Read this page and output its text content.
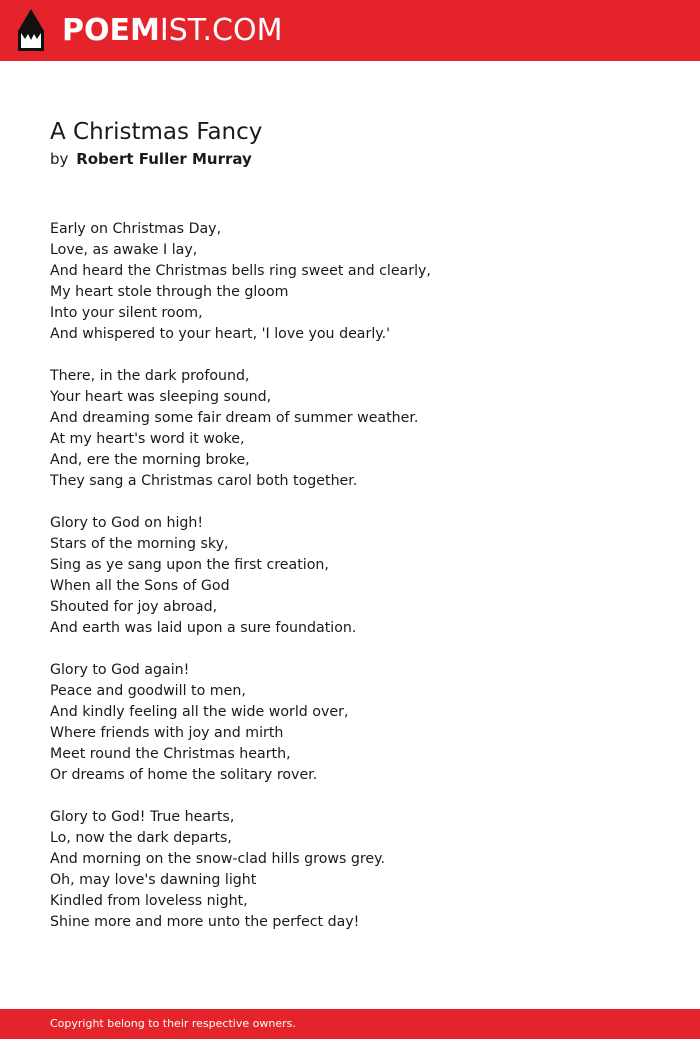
POEMIST.COM
A Christmas Fancy
by Robert Fuller Murray
Early on Christmas Day,
Love, as awake I lay,
And heard the Christmas bells ring sweet and clearly,
My heart stole through the gloom
Into your silent room,
And whispered to your heart, 'I love you dearly.'
There, in the dark profound,
Your heart was sleeping sound,
And dreaming some fair dream of summer weather.
At my heart's word it woke,
And, ere the morning broke,
They sang a Christmas carol both together.
Glory to God on high!
Stars of the morning sky,
Sing as ye sang upon the first creation,
When all the Sons of God
Shouted for joy abroad,
And earth was laid upon a sure foundation.
Glory to God again!
Peace and goodwill to men,
And kindly feeling all the wide world over,
Where friends with joy and mirth
Meet round the Christmas hearth,
Or dreams of home the solitary rover.
Glory to God! True hearts,
Lo, now the dark departs,
And morning on the snow-clad hills grows grey.
Oh, may love's dawning light
Kindled from loveless night,
Shine more and more unto the perfect day!
Copyright belong to their respective owners.
